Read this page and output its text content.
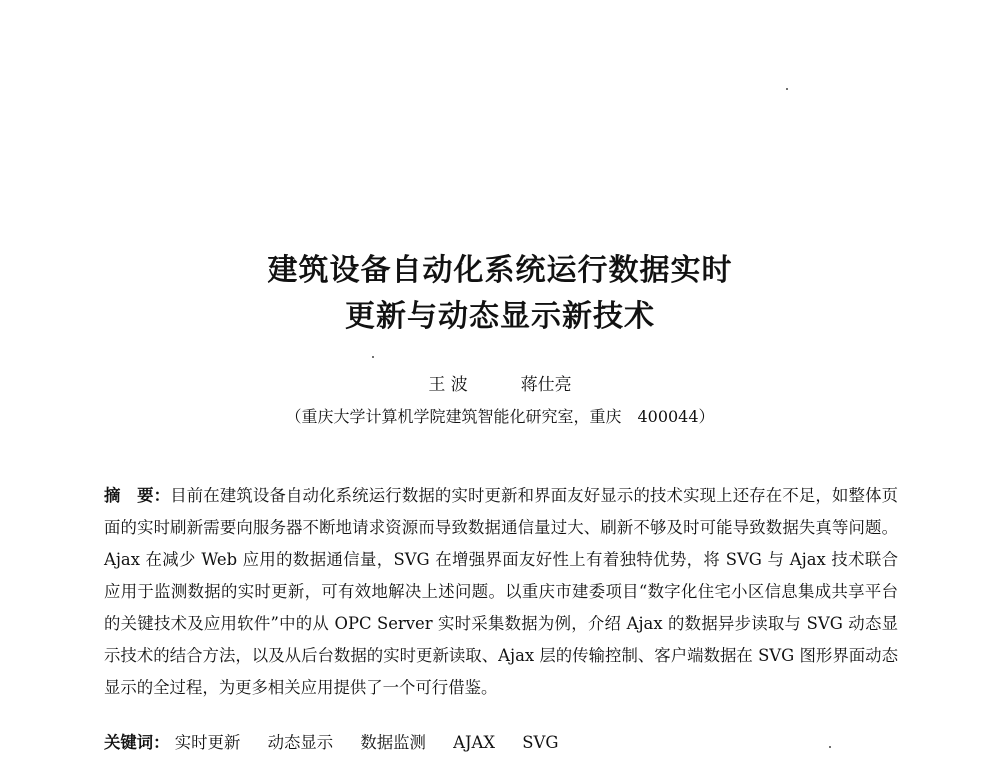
建筑设备自动化系统运行数据实时
更新与动态显示新技术
王 波	蒋仕亮
（重庆大学计算机学院建筑智能化研究室，重庆　400044）
摘　要：目前在建筑设备自动化系统运行数据的实时更新和界面友好显示的技术实现上还存在不足，如整体页面的实时刷新需要向服务器不断地请求资源而导致数据通信量过大、刷新不够及时可能导致数据失真等问题。Ajax 在减少 Web 应用的数据通信量，SVG 在增强界面友好性上有着独特优势，将 SVG 与 Ajax 技术联合应用于监测数据的实时更新，可有效地解决上述问题。以重庆市建委项目“数字化住宅小区信息集成共享平台的关键技术及应用软件”中的从 OPC Server 实时采集数据为例，介绍 Ajax 的数据异步读取与 SVG 动态显示技术的结合方法，以及从后台数据的实时更新读取、Ajax 层的传输控制、客户端数据在 SVG 图形界面动态显示的全过程，为更多相关应用提供了一个可行借鉴。
关键词： 实时更新 动态显示 数据监测 AJAX SVG
